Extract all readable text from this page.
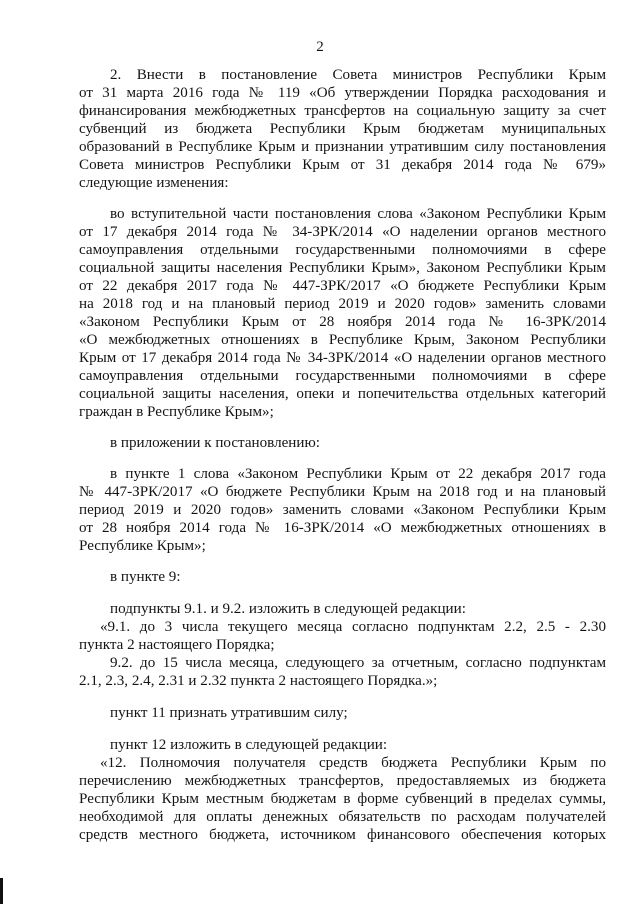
2
2. Внести в постановление Совета министров Республики Крым
от 31 марта 2016 года № 119 «Об утверждении Порядка расходования и
финансирования межбюджетных трансфертов на социальную защиту за счет
субвенций из бюджета Республики Крым бюджетам муниципальных
образований в Республике Крым и признании утратившим силу постановления
Совета министров Республики Крым от 31 декабря 2014 года № 679»
следующие изменения:
во вступительной части постановления слова «Законом Республики Крым
от 17 декабря 2014 года № 34-ЗРК/2014 «О наделении органов местного
самоуправления отдельными государственными полномочиями в сфере
социальной защиты населения Республики Крым», Законом Республики Крым
от 22 декабря 2017 года № 447-ЗРК/2017 «О бюджете Республики Крым
на 2018 год и на плановый период 2019 и 2020 годов» заменить словами
«Законом Республики Крым от 28 ноября 2014 года № 16-ЗРК/2014
«О межбюджетных отношениях в Республике Крым, Законом Республики
Крым от 17 декабря 2014 года № 34-ЗРК/2014 «О наделении органов местного
самоуправления отдельными государственными полномочиями в сфере
социальной защиты населения, опеки и попечительства отдельных категорий
граждан в Республике Крым»;
в приложении к постановлению:
в пункте 1 слова «Законом Республики Крым от 22 декабря 2017 года
№ 447-ЗРК/2017 «О бюджете Республики Крым на 2018 год и на плановый
период 2019 и 2020 годов» заменить словами «Законом Республики Крым
от 28 ноября 2014 года № 16-ЗРК/2014 «О межбюджетных отношениях в
Республике Крым»;
в пункте 9:
подпункты 9.1. и 9.2. изложить в следующей редакции:
«9.1. до 3 числа текущего месяца согласно подпунктам 2.2, 2.5 - 2.30
пункта 2 настоящего Порядка;
9.2. до 15 числа месяца, следующего за отчетным, согласно подпунктам
2.1, 2.3, 2.4, 2.31 и 2.32 пункта 2 настоящего Порядка.»;
пункт 11 признать утратившим силу;
пункт 12 изложить в следующей редакции:
«12. Полномочия получателя средств бюджета Республики Крым по
перечислению межбюджетных трансфертов, предоставляемых из бюджета
Республики Крым местным бюджетам в форме субвенций в пределах суммы,
необходимой для оплаты денежных обязательств по расходам получателей
средств местного бюджета, источником финансового обеспечения которых
